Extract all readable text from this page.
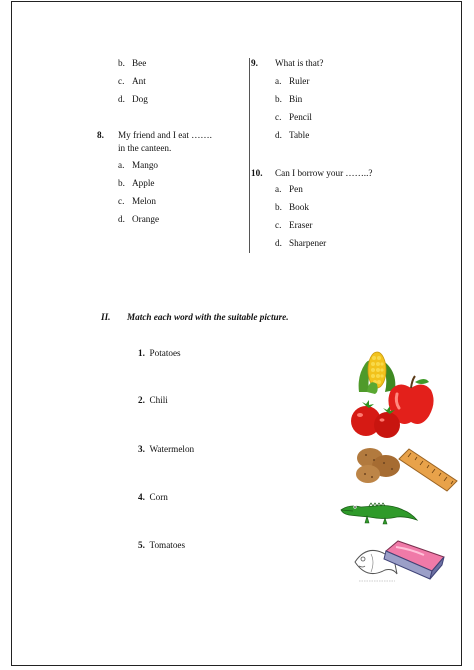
b. Bee
c. Ant
d. Dog
8. My friend and I eat …….
in the canteen.
a. Mango
b. Apple
c. Melon
d. Orange
9. What is that?
a. Ruler
b. Bin
c. Pencil
d. Table
10. Can I borrow your ……..?
a. Pen
b. Book
c. Eraser
d. Sharpener
II. Match each word with the suitable picture.
1. Potatoes
2. Chili
3. Watermelon
4. Corn
5. Tomatoes
